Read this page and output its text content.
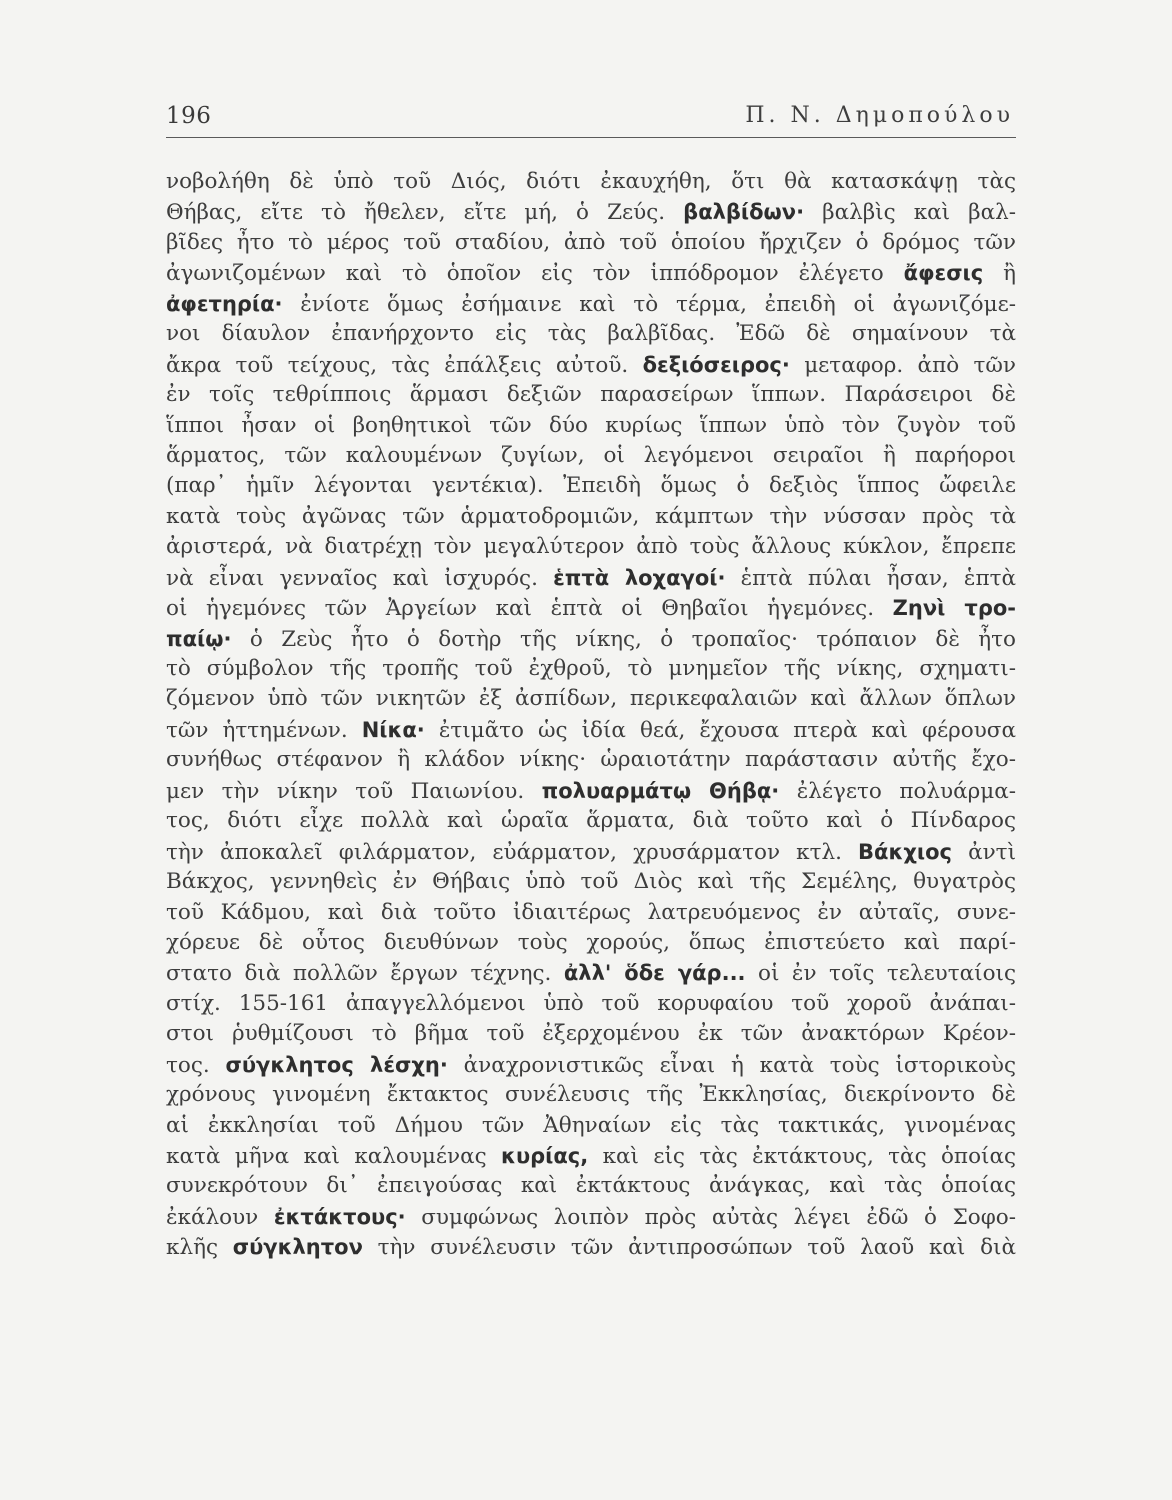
196	Π. Ν. Δημοπούλου
νοβολήθη δὲ ὑπὸ τοῦ Διός, διότι ἐκαυχήθη, ὅτι θὰ κατασκάψῃ τὰς
Θήβας, εἴτε τὸ ἤθελεν, εἴτε μή, ὁ Ζεύς. βαλβίδων· βαλβὶς καὶ βαλ-
βῖδες ἦτο τὸ μέρος τοῦ σταδίου, ἀπὸ τοῦ ὁποίου ἤρχιζεν ὁ δρόμος τῶν
ἀγωνιζομένων καὶ τὸ ὁποῖον εἰς τὸν ἱππόδρομον ἐλέγετο ἄφεσις ἢ
ἀφετηρία· ἐνίοτε ὅμως ἐσήμαινε καὶ τὸ τέρμα, ἐπειδὴ οἱ ἀγωνιζόμε-
νοι δίαυλον ἐπανήρχοντο εἰς τὰς βαλβῖδας. Ἐδῶ δὲ σημαίνουν τὰ
ἄκρα τοῦ τείχους, τὰς ἐπάλξεις αὐτοῦ. δεξιόσειρος· μεταφορ. ἀπὸ τῶν
ἐν τοῖς τεθρίπποις ἅρμασι δεξιῶν παρασείρων ἵππων. Παράσειροι δὲ
ἵπποι ἦσαν οἱ βοηθητικοὶ τῶν δύο κυρίως ἵππων ὑπὸ τὸν ζυγὸν τοῦ
ἅρματος, τῶν καλουμένων ζυγίων, οἱ λεγόμενοι σειραῖοι ἢ παρήοροι
(παρ᾽ ἡμῖν λέγονται γεντέκια). Ἐπειδὴ ὅμως ὁ δεξιὸς ἵππος ὤφειλε
κατὰ τοὺς ἀγῶνας τῶν ἁρματοδρομιῶν, κάμπτων τὴν νύσσαν πρὸς τὰ
ἀριστερά, νὰ διατρέχῃ τὸν μεγαλύτερον ἀπὸ τοὺς ἄλλους κύκλον, ἔπρεπε
νὰ εἶναι γενναῖος καὶ ἰσχυρός. ἑπτὰ λοχαγοί· ἑπτὰ πύλαι ἦσαν, ἑπτὰ
οἱ ἡγεμόνες τῶν Ἀργείων καὶ ἑπτὰ οἱ Θηβαῖοι ἡγεμόνες. Ζηνὶ τρο-
παίῳ· ὁ Ζεὺς ἦτο ὁ δοτὴρ τῆς νίκης, ὁ τροπαῖος· τρόπαιον δὲ ἦτο
τὸ σύμβολον τῆς τροπῆς τοῦ ἐχθροῦ, τὸ μνημεῖον τῆς νίκης, σχηματι-
ζόμενον ὑπὸ τῶν νικητῶν ἐξ ἀσπίδων, περικεφαλαιῶν καὶ ἄλλων ὅπλων
τῶν ἡττημένων. Νίκα· ἐτιμᾶτο ὡς ἰδία θεά, ἔχουσα πτερὰ καὶ φέρουσα
συνήθως στέφανον ἢ κλάδον νίκης· ὡραιοτάτην παράστασιν αὐτῆς ἔχο-
μεν τὴν νίκην τοῦ Παιωνίου. πολυαρμάτῳ Θήβᾳ· ἐλέγετο πολυάρμα-
τος, διότι εἶχε πολλὰ καὶ ὡραῖα ἅρματα, διὰ τοῦτο καὶ ὁ Πίνδαρος
τὴν ἀποκαλεῖ φιλάρματον, εὐάρματον, χρυσάρματον κτλ. Βάκχιος ἀντὶ
Βάκχος, γεννηθεὶς ἐν Θήβαις ὑπὸ τοῦ Διὸς καὶ τῆς Σεμέλης, θυγατρὸς
τοῦ Κάδμου, καὶ διὰ τοῦτο ἰδιαιτέρως λατρευόμενος ἐν αὐταῖς, συνε-
χόρευε δὲ οὗτος διευθύνων τοὺς χορούς, ὅπως ἐπιστεύετο καὶ παρί-
στατο διὰ πολλῶν ἔργων τέχνης. ἀλλ' ὅδε γάρ... οἱ ἐν τοῖς τελευταίοις
στίχ. 155-161 ἀπαγγελλόμενοι ὑπὸ τοῦ κορυφαίου τοῦ χοροῦ ἀνάπαι-
στοι ῥυθμίζουσι τὸ βῆμα τοῦ ἐξερχομένου ἐκ τῶν ἀνακτόρων Κρέον-
τος. σύγκλητος λέσχη· ἀναχρονιστικῶς εἶναι ἡ κατὰ τοὺς ἱστορικοὺς
χρόνους γινομένη ἔκτακτος συνέλευσις τῆς Ἐκκλησίας, διεκρίνοντο δὲ
αἱ ἐκκλησίαι τοῦ Δήμου τῶν Ἀθηναίων εἰς τὰς τακτικάς, γινομένας
κατὰ μῆνα καὶ καλουμένας κυρίας, καὶ εἰς τὰς ἐκτάκτους, τὰς ὁποίας
συνεκρότουν δι᾽ ἐπειγούσας καὶ ἐκτάκτους ἀνάγκας, καὶ τὰς ὁποίας
ἐκάλουν ἐκτάκτους· συμφώνως λοιπὸν πρὸς αὐτὰς λέγει ἐδῶ ὁ Σοφο-
κλῆς σύγκλητον τὴν συνέλευσιν τῶν ἀντιπροσώπων τοῦ λαοῦ καὶ διὰ
